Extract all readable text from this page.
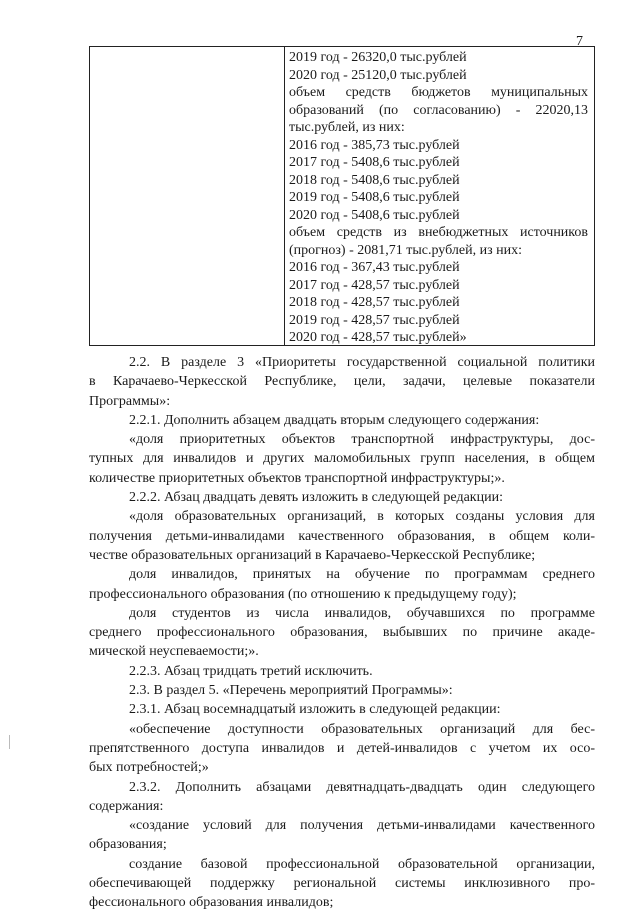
7
2019 год - 26320,0 тыс.рублей
2020 год - 25120,0 тыс.рублей
объем средств бюджетов муниципальных
образований (по согласованию) - 22020,13
тыс.рублей, из них:
2016 год - 385,73 тыс.рублей
2017 год - 5408,6 тыс.рублей
2018 год - 5408,6 тыс.рублей
2019 год - 5408,6 тыс.рублей
2020 год - 5408,6 тыс.рублей
объем средств из внебюджетных источников
(прогноз) - 2081,71 тыс.рублей, из них:
2016 год - 367,43 тыс.рублей
2017 год - 428,57 тыс.рублей
2018 год - 428,57 тыс.рублей
2019 год - 428,57 тыс.рублей
2020 год - 428,57 тыс.рублей»
2.2. В разделе 3 «Приоритеты государственной социальной политики
в Карачаево-Черкесской Республике, цели, задачи, целевые показатели
Программы»:
2.2.1. Дополнить абзацем двадцать вторым следующего содержания:
«доля приоритетных объектов транспортной инфраструктуры, дос-
тупных для инвалидов и других маломобильных групп населения, в общем
количестве приоритетных объектов транспортной инфраструктуры;».
2.2.2. Абзац двадцать девять изложить в следующей редакции:
«доля образовательных организаций, в которых созданы условия для
получения детьми-инвалидами качественного образования, в общем коли-
честве образовательных организаций в Карачаево-Черкесской Республике;
доля инвалидов, принятых на обучение по программам среднего
профессионального образования (по отношению к предыдущему году);
доля студентов из числа инвалидов, обучавшихся по программе
среднего профессионального образования, выбывших по причине акаде-
мической неуспеваемости;».
2.2.3. Абзац тридцать третий исключить.
2.3. В раздел 5. «Перечень мероприятий Программы»:
2.3.1. Абзац восемнадцатый изложить в следующей редакции:
«обеспечение доступности образовательных организаций для бес-
препятственного доступа инвалидов и детей-инвалидов с учетом их осо-
бых потребностей;»
2.3.2. Дополнить абзацами девятнадцать-двадцать один следующего
содержания:
«создание условий для получения детьми-инвалидами качественного
образования;
создание базовой профессиональной образовательной организации,
обеспечивающей поддержку региональной системы инклюзивного про-
фессионального образования инвалидов;
